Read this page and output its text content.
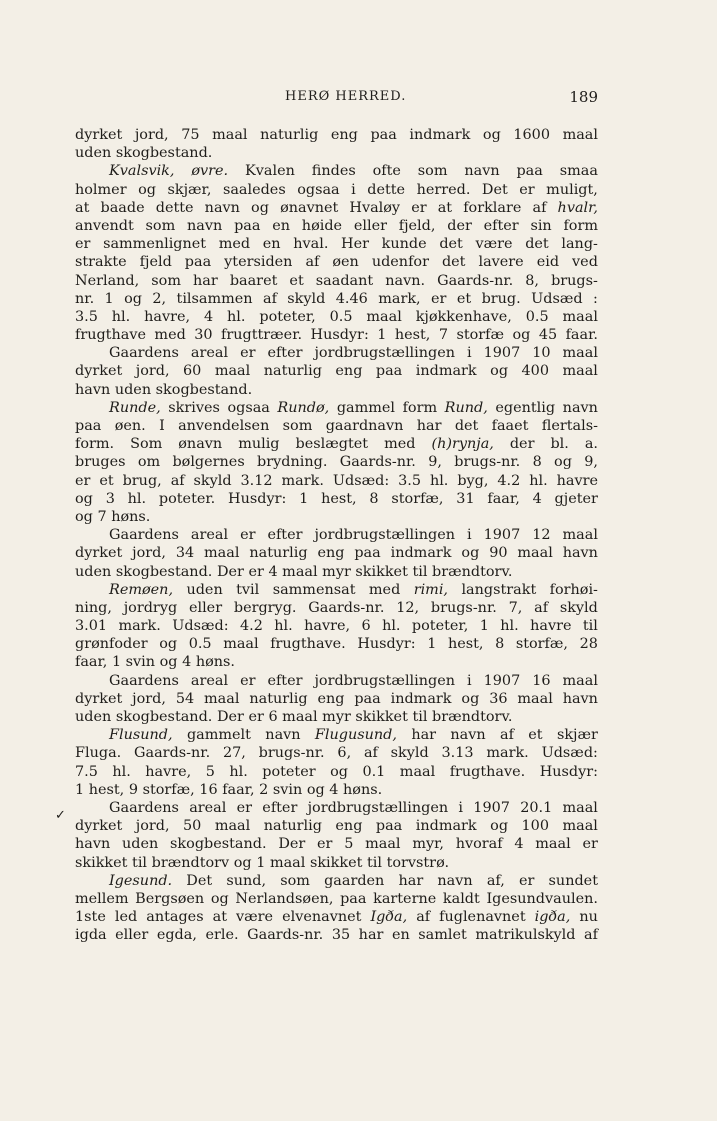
HERØ HERRED.	189
✓
dyrket jord, 75 maal naturlig eng paa indmark og 1600 maal
uden
skogbestand.
Kvalsvik, øvre. Kvalen findes ofte som navn paa smaa
holmer og skjær, saaledes ogsaa i dette herred. Det er muligt,
at baade dette navn og ønavnet Hvaløy er at forklare af hvalr,
anvendt som navn paa en høide eller fjeld, der efter sin form
er sammenlignet med en hval. Her kunde det være det lang-
strakte fjeld paa ytersiden af øen udenfor det lavere eid ved
Nerland, som har baaret et saadant navn. Gaards-nr. 8, brugs-
nr. 1 og 2, tilsammen af skyld 4.46 mark, er et brug. Udsæd :
3.5 hl. havre, 4 hl. poteter, 0.5 maal kjøkkenhave, 0.5 maal
frugthave med 30 frugttræer. Husdyr: 1 hest, 7 storfæ og 45 faar.
Gaardens areal er efter jordbrugstællingen i 1907 10 maal
dyrket jord, 60 maal naturlig eng paa indmark og 400 maal
havn
uden
skogbestand.
Runde, skrives ogsaa Rundø, gammel form Rund, egentlig navn
paa øen. I anvendelsen som gaardnavn har det faaet flertals-
form. Som ønavn mulig beslægtet med (h)rynja, der bl. a.
bruges om bølgernes brydning. Gaards-nr. 9, brugs-nr. 8 og 9,
er et brug, af skyld 3.12 mark. Udsæd: 3.5 hl. byg, 4.2 hl. havre
og 3 hl. poteter. Husdyr: 1 hest, 8 storfæ, 31 faar, 4 gjeter
og
7
høns.
Gaardens areal er efter jordbrugstællingen i 1907 12 maal
dyrket jord, 34 maal naturlig eng paa indmark og 90 maal havn
uden
skogbestand.
Der
er
4
maal
myr
skikket
til
brændtorv.
Remøen, uden tvil sammensat med rimi, langstrakt forhøi-
ning, jordryg eller bergryg. Gaards-nr. 12, brugs-nr. 7, af skyld
3.01 mark. Udsæd: 4.2 hl. havre, 6 hl. poteter, 1 hl. havre til
grønfoder og 0.5 maal frugthave. Husdyr: 1 hest, 8 storfæ, 28
faar,
1
svin
og
4
høns.
Gaardens areal er efter jordbrugstællingen i 1907 16 maal
dyrket jord, 54 maal naturlig eng paa indmark og 36 maal havn
uden
skogbestand.
Der
er
6
maal
myr
skikket
til
brændtorv.
Flusund, gammelt navn Flugusund, har navn af et skjær
Fluga. Gaards-nr. 27, brugs-nr. 6, af skyld 3.13 mark. Udsæd:
7.5 hl. havre, 5 hl. poteter og 0.1 maal frugthave. Husdyr:
1
hest,
9
storfæ,
16
faar,
2
svin
og
4
høns.
Gaardens areal er efter jordbrugstællingen i 1907 20.1 maal
dyrket jord, 50 maal naturlig eng paa indmark og 100 maal
havn uden skogbestand. Der er 5 maal myr, hvoraf 4 maal er
skikket
til
brændtorv
og
1
maal
skikket
til
torvstrø.
Igesund. Det sund, som gaarden har navn af, er sundet
mellem Bergsøen og Nerlandsøen, paa karterne kaldt Igesundvaulen.
1ste led antages at være elvenavnet Igða, af fuglenavnet igða, nu
igda eller egda, erle. Gaards-nr. 35 har en samlet matrikulskyld af
